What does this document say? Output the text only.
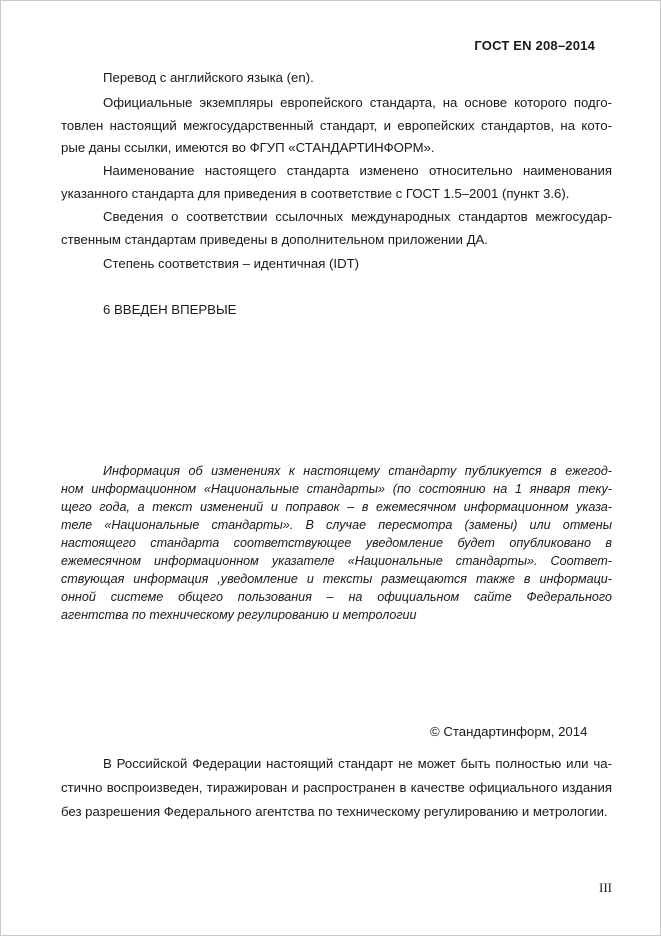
ГОСТ EN 208–2014
Перевод с английского языка (en).
Официальные экземпляры европейского стандарта, на основе которого подго-
товлен настоящий межгосударственный стандарт, и европейских стандартов, на кото-
рые даны ссылки, имеются во ФГУП «СТАНДАРТИНФОРМ».
Наименование настоящего стандарта изменено относительно наименования
указанного стандарта для приведения в соответствие с ГОСТ 1.5–2001 (пункт 3.6).
Сведения о соответствии ссылочных международных стандартов межгосудар-
ственным стандартам приведены в дополнительном приложении ДА.
Степень соответствия – идентичная (IDT)
6 ВВЕДЕН ВПЕРВЫЕ
Информация об изменениях к настоящему стандарту публикуется в ежегод-
ном информационном «Национальные стандарты» (по состоянию на 1 января теку-
щего года, а текст изменений и поправок – в ежемесячном информационном указа-
теле «Национальные стандарты». В случае пересмотра (замены) или отмены
настоящего стандарта соответствующее уведомление будет опубликовано в
ежемесячном информационном указателе «Национальные стандарты». Соответ-
ствующая информация ,уведомление и тексты размещаются также в информаци-
онной системе общего пользования – на официальном сайте Федерального
агентства по техническому регулированию и метрологии
© Стандартинформ, 2014
В Российской Федерации настоящий стандарт не может быть полностью или ча-
стично воспроизведен, тиражирован и распространен в качестве официального издания
без разрешения Федерального агентства по техническому регулированию и метрологии.
III
